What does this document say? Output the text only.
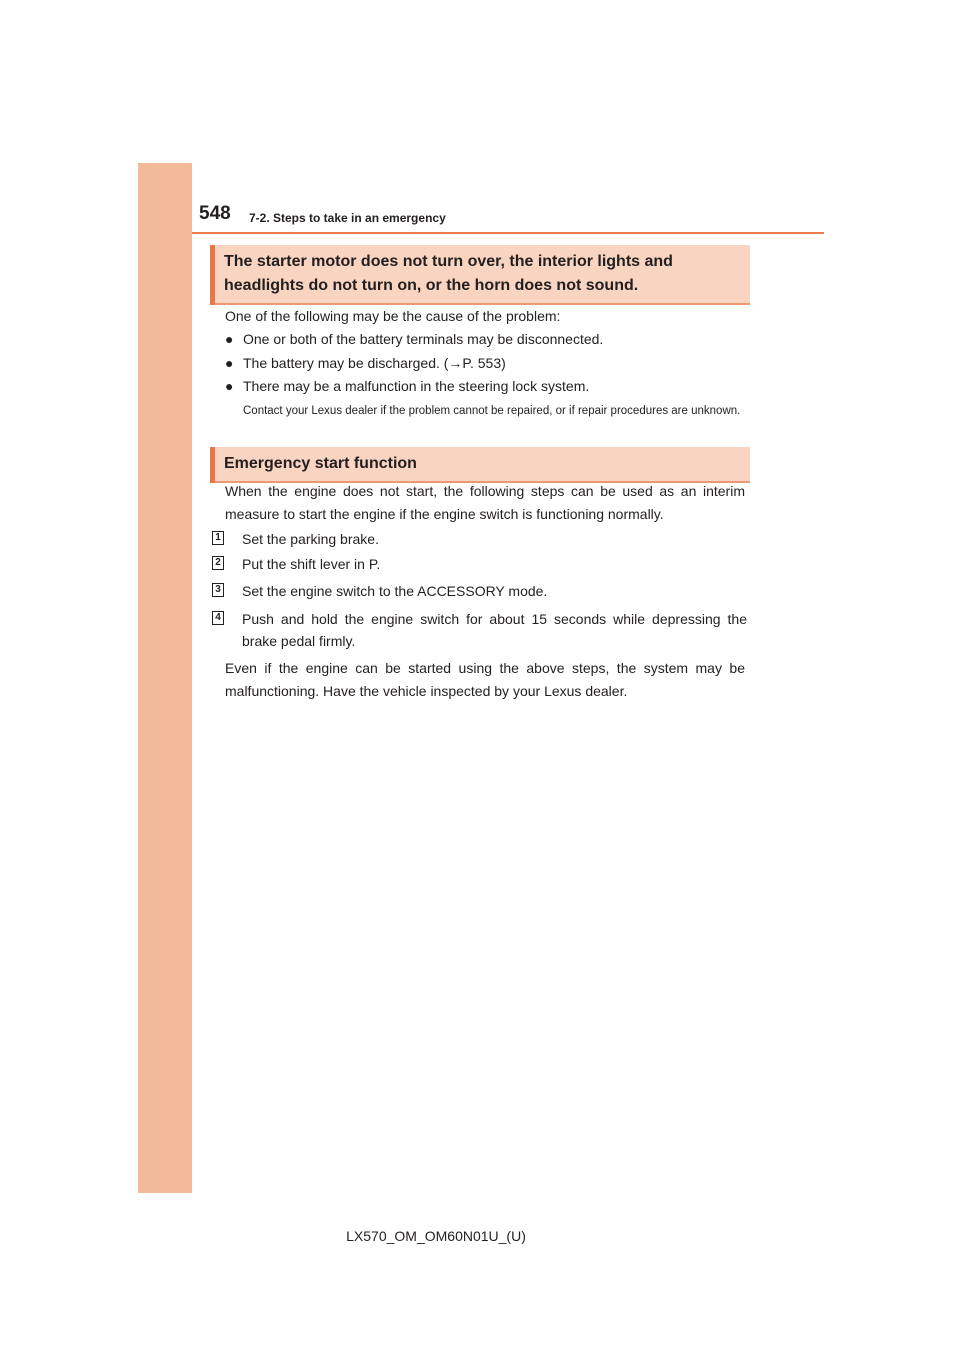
548 7-2. Steps to take in an emergency
The starter motor does not turn over, the interior lights and headlights do not turn on, or the horn does not sound.
One of the following may be the cause of the problem:
● One or both of the battery terminals may be disconnected.
● The battery may be discharged. (→P. 553)
● There may be a malfunction in the steering lock system.
Contact your Lexus dealer if the problem cannot be repaired, or if repair procedures are unknown.
Emergency start function
When the engine does not start, the following steps can be used as an interim measure to start the engine if the engine switch is functioning normally.
1 Set the parking brake.
2 Put the shift lever in P.
3 Set the engine switch to the ACCESSORY mode.
4 Push and hold the engine switch for about 15 seconds while depressing the brake pedal firmly.
Even if the engine can be started using the above steps, the system may be malfunctioning. Have the vehicle inspected by your Lexus dealer.
LX570_OM_OM60N01U_(U)
